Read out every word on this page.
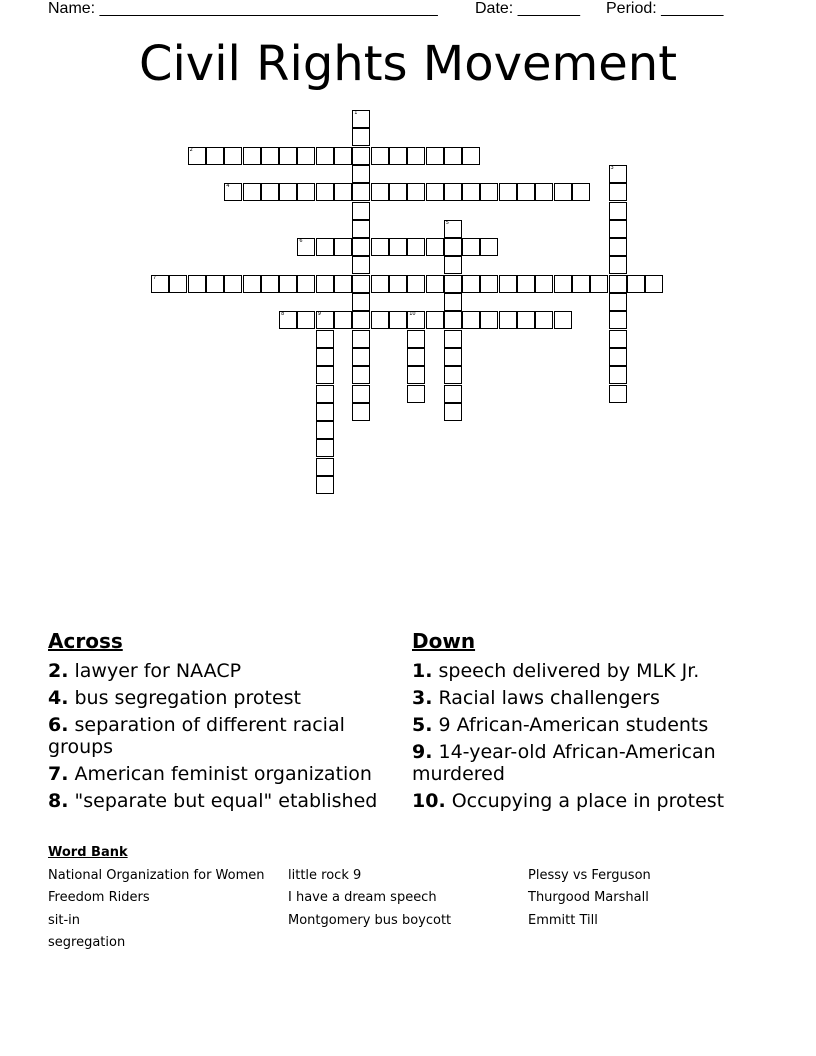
Name: ______________________________________

Date: _______

Period: _______

Civil Rights Movement
1
2
3
4
5
6
7
8	9	10
Across
2. lawyer for NAACP
4. bus segregation protest
6. separation of different racial groups
7. American feminist organization
8. "separate but equal" etablished
Down
1. speech delivered by MLK Jr.
3. Racial laws challengers
5. 9 African-American students
9. 14-year-old African-American murdered
10. Occupying a place in protest
Word Bank
National Organization for Women
Freedom Riders
sit-in
segregation
little rock 9
I have a dream speech
Montgomery bus boycott
Plessy vs Ferguson
Thurgood Marshall
Emmitt Till
